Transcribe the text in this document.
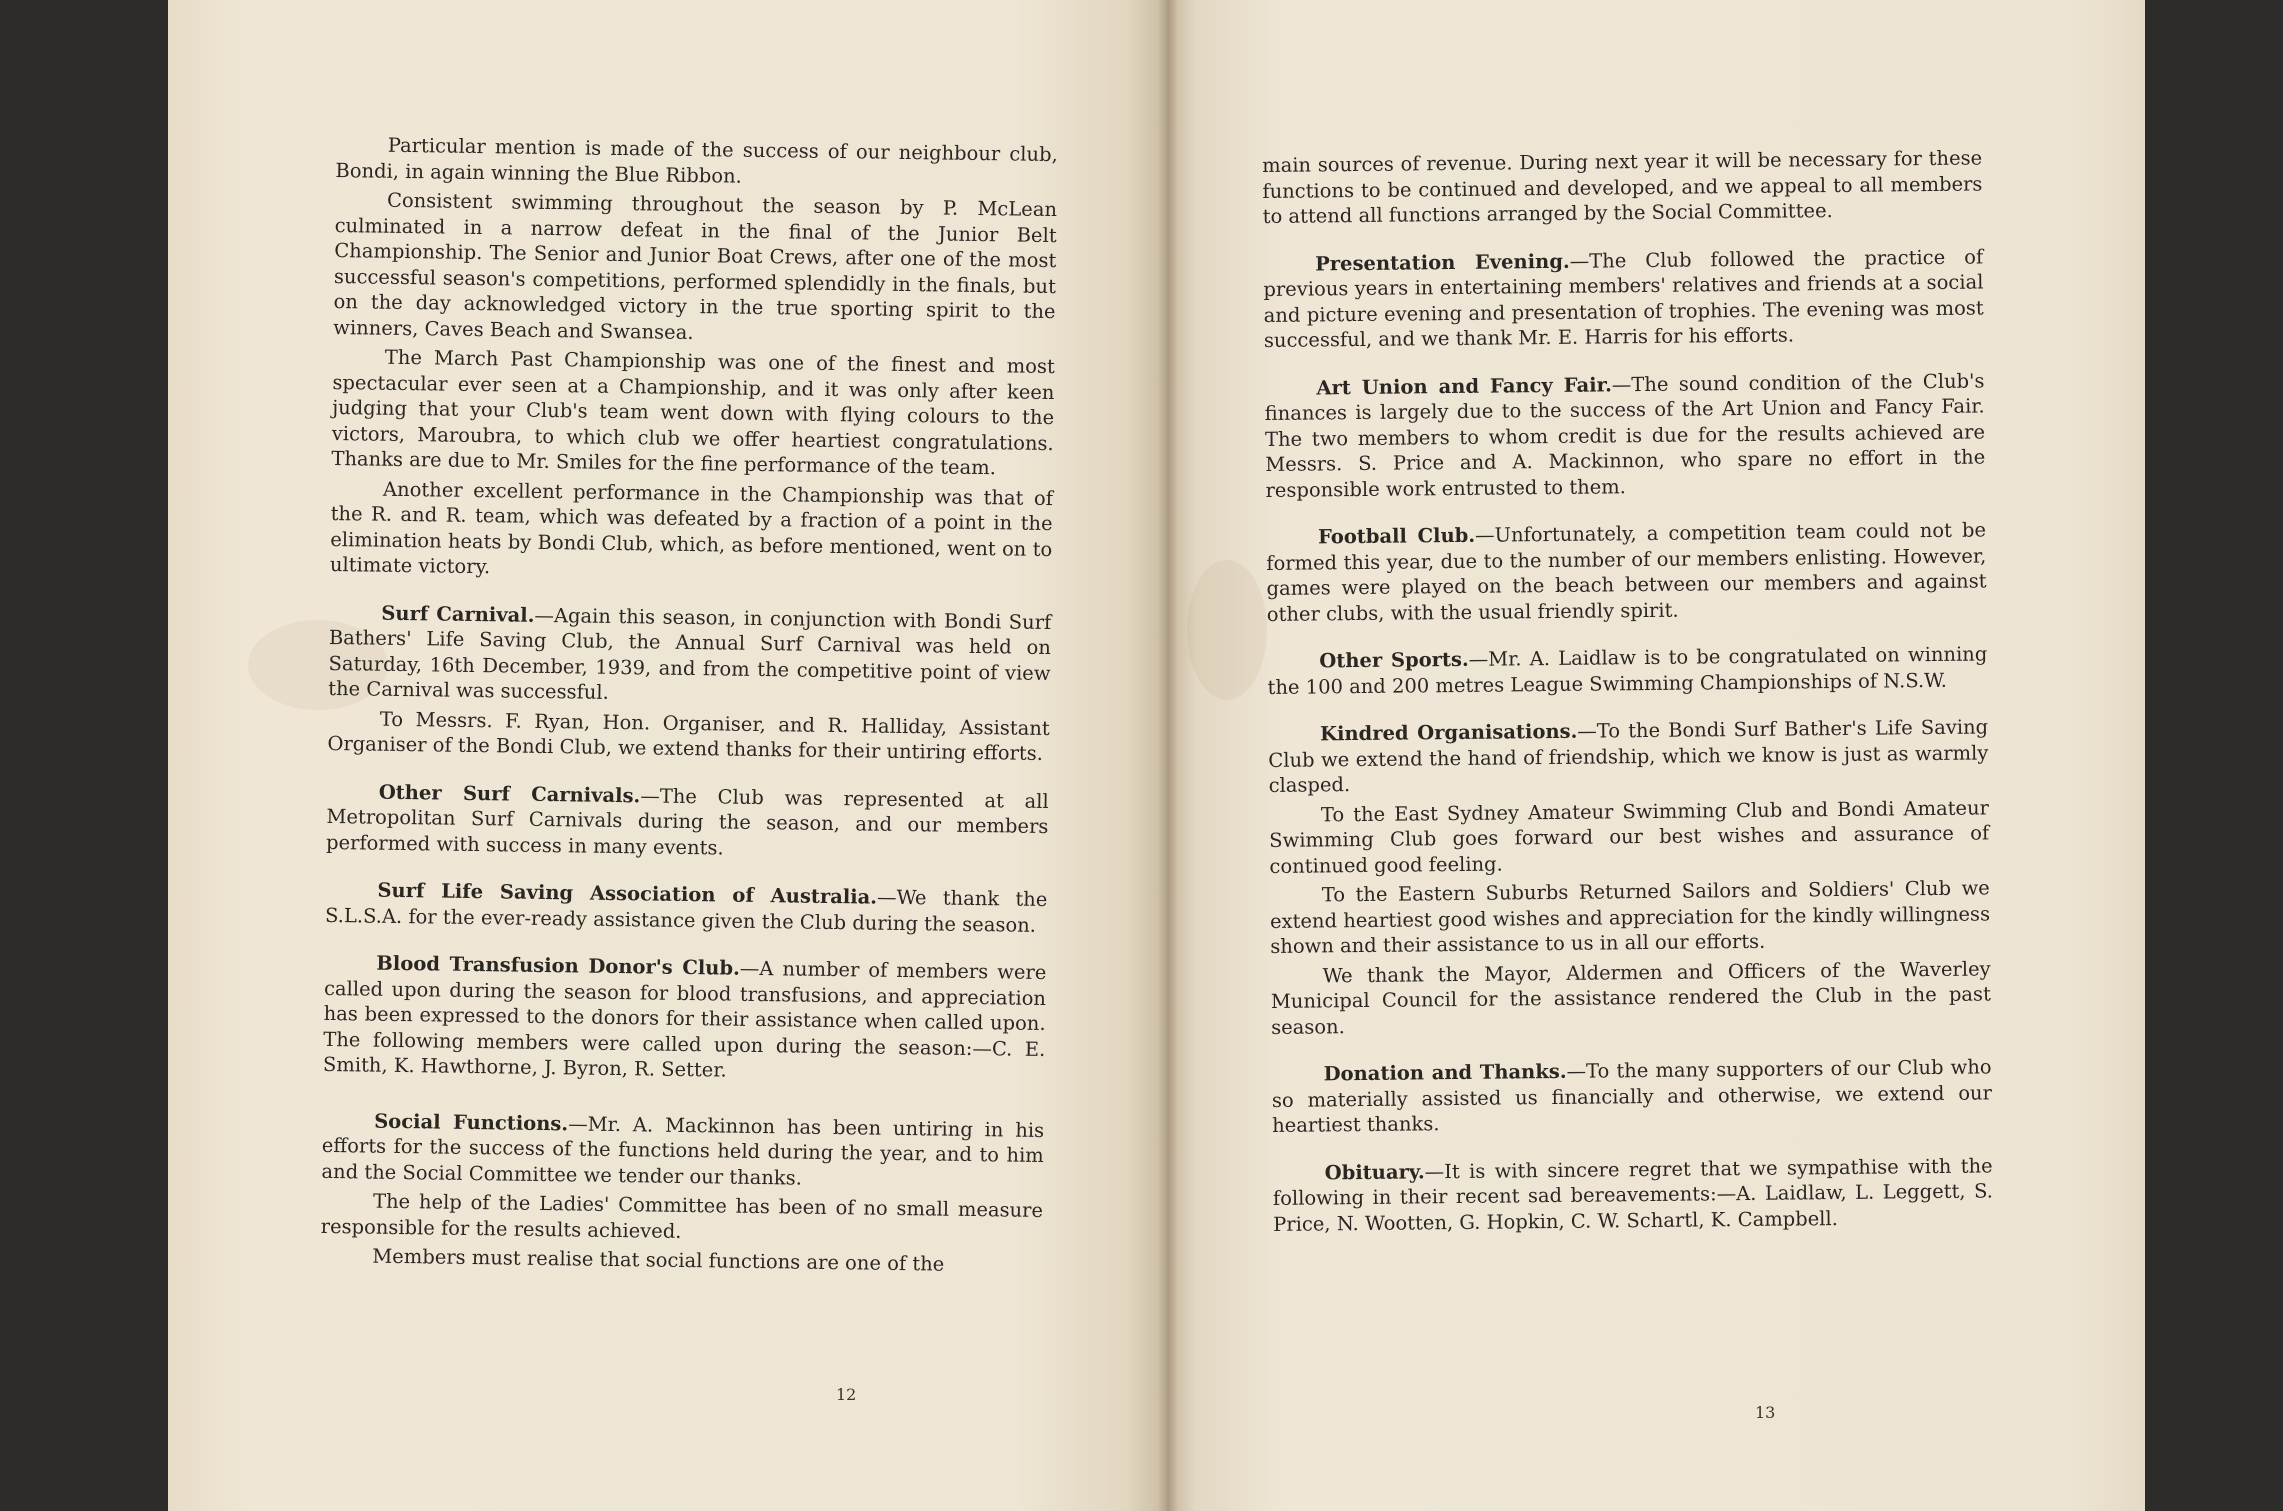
Particular mention is made of the success of our neighbour club, Bondi, in again winning the Blue Ribbon.

Consistent swimming throughout the season by P. McLean culminated in a narrow defeat in the final of the Junior Belt Championship. The Senior and Junior Boat Crews, after one of the most successful season's competitions, performed splendidly in the finals, but on the day acknowledged victory in the true sporting spirit to the winners, Caves Beach and Swansea.

The March Past Championship was one of the finest and most spectacular ever seen at a Championship, and it was only after keen judging that your Club's team went down with flying colours to the victors, Maroubra, to which club we offer heartiest congratulations. Thanks are due to Mr. Smiles for the fine performance of the team.

Another excellent performance in the Championship was that of the R. and R. team, which was defeated by a fraction of a point in the elimination heats by Bondi Club, which, as before mentioned, went on to ultimate victory.

Surf Carnival.—Again this season, in conjunction with Bondi Surf Bathers' Life Saving Club, the Annual Surf Carnival was held on Saturday, 16th December, 1939, and from the competitive point of view the Carnival was successful.

To Messrs. F. Ryan, Hon. Organiser, and R. Halliday, Assistant Organiser of the Bondi Club, we extend thanks for their untiring efforts.

Other Surf Carnivals.—The Club was represented at all Metropolitan Surf Carnivals during the season, and our members performed with success in many events.

Surf Life Saving Association of Australia.—We thank the S.L.S.A. for the ever-ready assistance given the Club during the season.

Blood Transfusion Donor's Club.—A number of members were called upon during the season for blood transfusions, and appreciation has been expressed to the donors for their assistance when called upon. The following members were called upon during the season:—C. E. Smith, K. Hawthorne, J. Byron, R. Setter.

Social Functions.—Mr. A. Mackinnon has been untiring in his efforts for the success of the functions held during the year, and to him and the Social Committee we tender our thanks.

The help of the Ladies' Committee has been of no small measure responsible for the results achieved.

Members must realise that social functions are one of the

12

main sources of revenue. During next year it will be necessary for these functions to be continued and developed, and we appeal to all members to attend all functions arranged by the Social Committee.

Presentation Evening.—The Club followed the practice of previous years in entertaining members' relatives and friends at a social and picture evening and presentation of trophies. The evening was most successful, and we thank Mr. E. Harris for his efforts.

Art Union and Fancy Fair.—The sound condition of the Club's finances is largely due to the success of the Art Union and Fancy Fair. The two members to whom credit is due for the results achieved are Messrs. S. Price and A. Mackinnon, who spare no effort in the responsible work entrusted to them.

Football Club.—Unfortunately, a competition team could not be formed this year, due to the number of our members enlisting. However, games were played on the beach between our members and against other clubs, with the usual friendly spirit.

Other Sports.—Mr. A. Laidlaw is to be congratulated on winning the 100 and 200 metres League Swimming Championships of N.S.W.

Kindred Organisations.—To the Bondi Surf Bather's Life Saving Club we extend the hand of friendship, which we know is just as warmly clasped.

To the East Sydney Amateur Swimming Club and Bondi Amateur Swimming Club goes forward our best wishes and assurance of continued good feeling.

To the Eastern Suburbs Returned Sailors and Soldiers' Club we extend heartiest good wishes and appreciation for the kindly willingness shown and their assistance to us in all our efforts.

We thank the Mayor, Aldermen and Officers of the Waverley Municipal Council for the assistance rendered the Club in the past season.

Donation and Thanks.—To the many supporters of our Club who so materially assisted us financially and otherwise, we extend our heartiest thanks.

Obituary.—It is with sincere regret that we sympathise with the following in their recent sad bereavements:—A. Laidlaw, L. Leggett, S. Price, N. Wootten, G. Hopkin, C. W. Schartl, K. Campbell.

13
